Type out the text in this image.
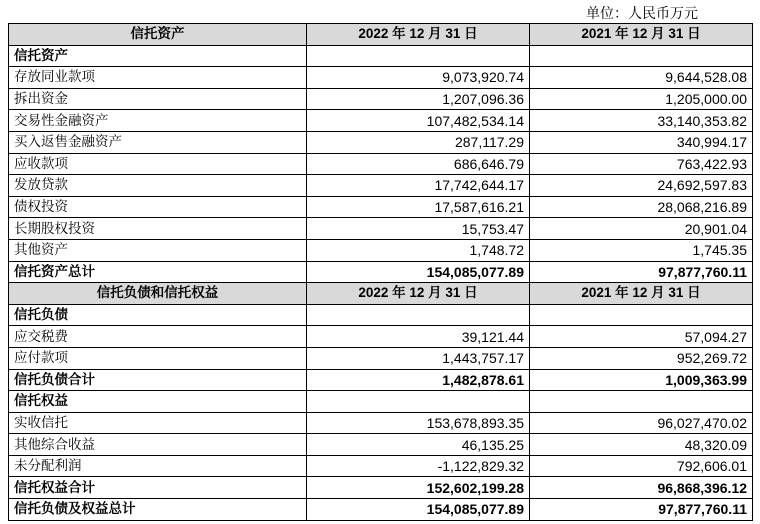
单位：人民币万元
信托资产	2022 年 12 月 31 日	2021 年 12 月 31 日
信托资产		
存放同业款项	9,073,920.74	9,644,528.08
拆出资金	1,207,096.36	1,205,000.00
交易性金融资产	107,482,534.14	33,140,353.82
买入返售金融资产	287,117.29	340,994.17
应收款项	686,646.79	763,422.93
发放贷款	17,742,644.17	24,692,597.83
债权投资	17,587,616.21	28,068,216.89
长期股权投资	15,753.47	20,901.04
其他资产	1,748.72	1,745.35
信托资产总计	154,085,077.89	97,877,760.11
信托负债和信托权益	2022 年 12 月 31 日	2021 年 12 月 31 日
信托负债		
应交税费	39,121.44	57,094.27
应付款项	1,443,757.17	952,269.72
信托负债合计	1,482,878.61	1,009,363.99
信托权益		
实收信托	153,678,893.35	96,027,470.02
其他综合收益	46,135.25	48,320.09
未分配利润	-1,122,829.32	792,606.01
信托权益合计	152,602,199.28	96,868,396.12
信托负债及权益总计	154,085,077.89	97,877,760.11
